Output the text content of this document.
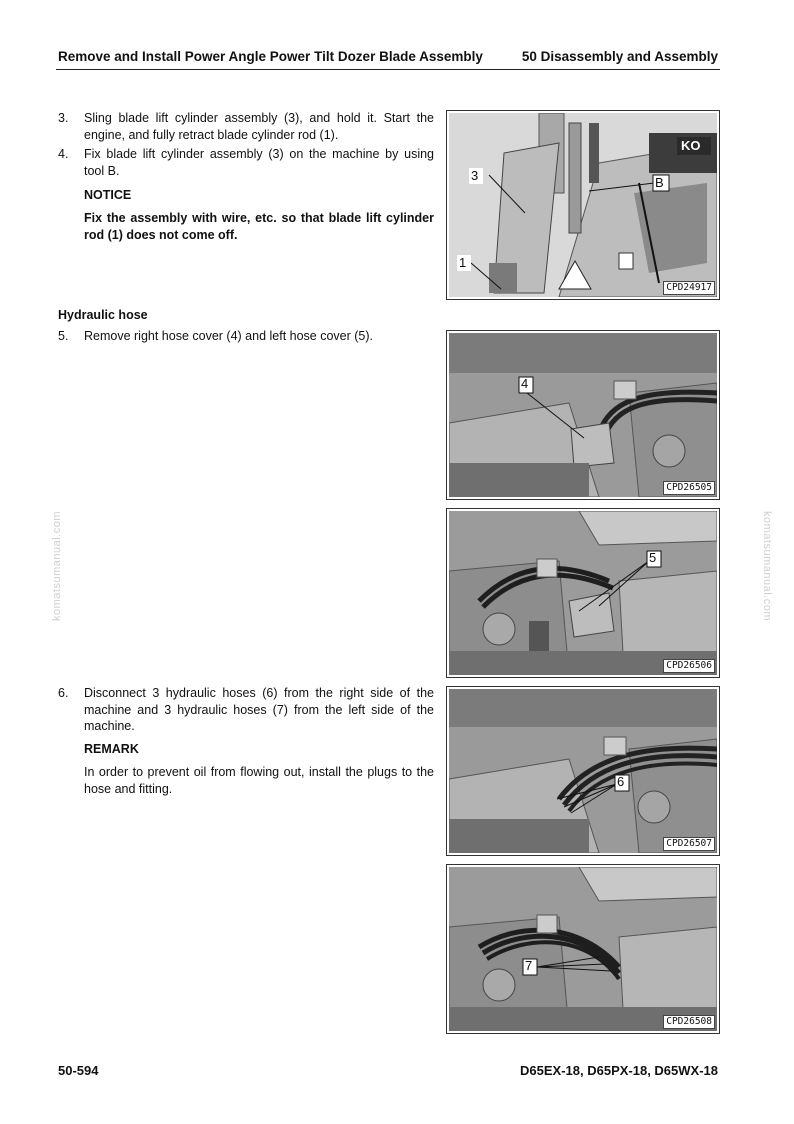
Remove and Install Power Angle Power Tilt Dozer Blade Assembly	50 Disassembly and Assembly
3. Sling blade lift cylinder assembly (3), and hold it. Start the engine, and fully retract blade cylinder rod (1).
4. Fix blade lift cylinder assembly (3) on the machine by using tool B.
NOTICE
Fix the assembly with wire, etc. so that blade lift cylinder rod (1) does not come off.
Hydraulic hose
5. Remove right hose cover (4) and left hose cover (5).
6. Disconnect 3 hydraulic hoses (6) from the right side of the machine and 3 hydraulic hoses (7) from the left side of the machine.
REMARK
In order to prevent oil from flowing out, install the plugs to the hose and fitting.
3	B
1
KO
CPD24917
4
CPD26505
5
CPD26506
6
CPD26507
7
CPD26508
50-594	D65EX-18, D65PX-18, D65WX-18
komatsumanual.com	komatsumanual.com
